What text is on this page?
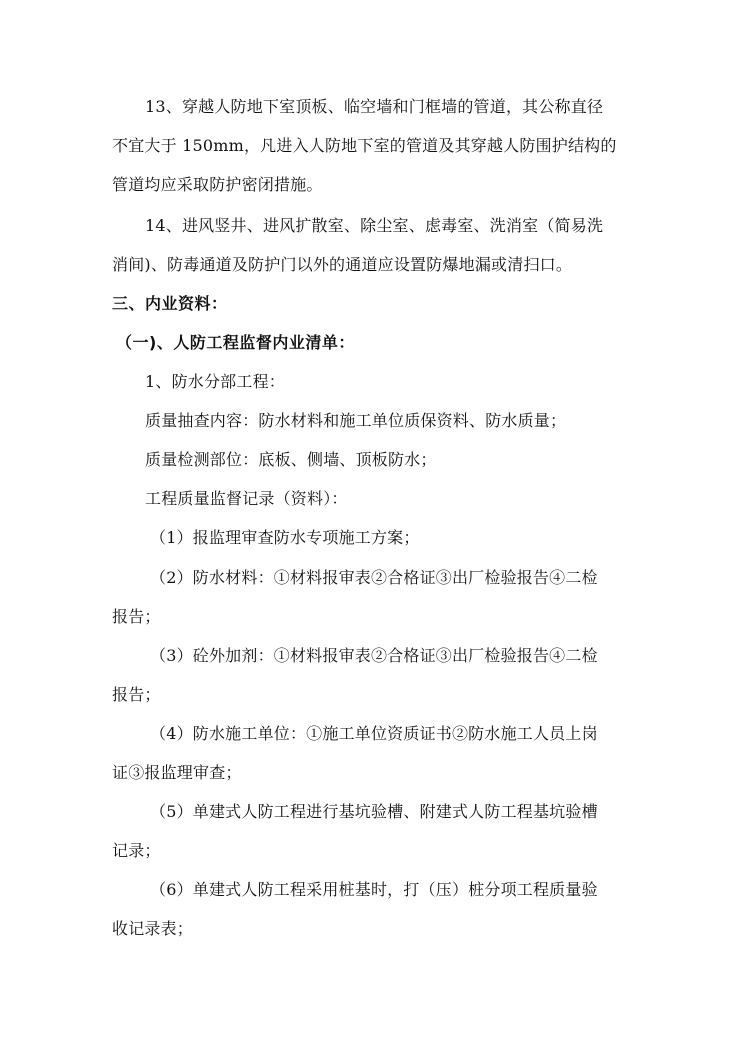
13、穿越人防地下室顶板、临空墙和门框墙的管道，其公称直径
不宜大于 150mm，凡进入人防地下室的管道及其穿越人防围护结构的
管道均应采取防护密闭措施。
14、进风竖井、进风扩散室、除尘室、虑毒室、洗消室（简易洗
消间)、防毒通道及防护门以外的通道应设置防爆地漏或清扫口。
三、内业资料：
（一)、人防工程监督内业清单：
1、防水分部工程：
质量抽查内容：防水材料和施工单位质保资料、防水质量；
质量检测部位：底板、侧墙、顶板防水；
工程质量监督记录（资料）：
（1）报监理审查防水专项施工方案；
（2）防水材料：①材料报审表②合格证③出厂检验报告④二检
报告；
（3）砼外加剂：①材料报审表②合格证③出厂检验报告④二检
报告；
（4）防水施工单位：①施工单位资质证书②防水施工人员上岗
证③报监理审查；
（5）单建式人防工程进行基坑验槽、附建式人防工程基坑验槽
记录；
（6）单建式人防工程采用桩基时，打（压）桩分项工程质量验
收记录表；
